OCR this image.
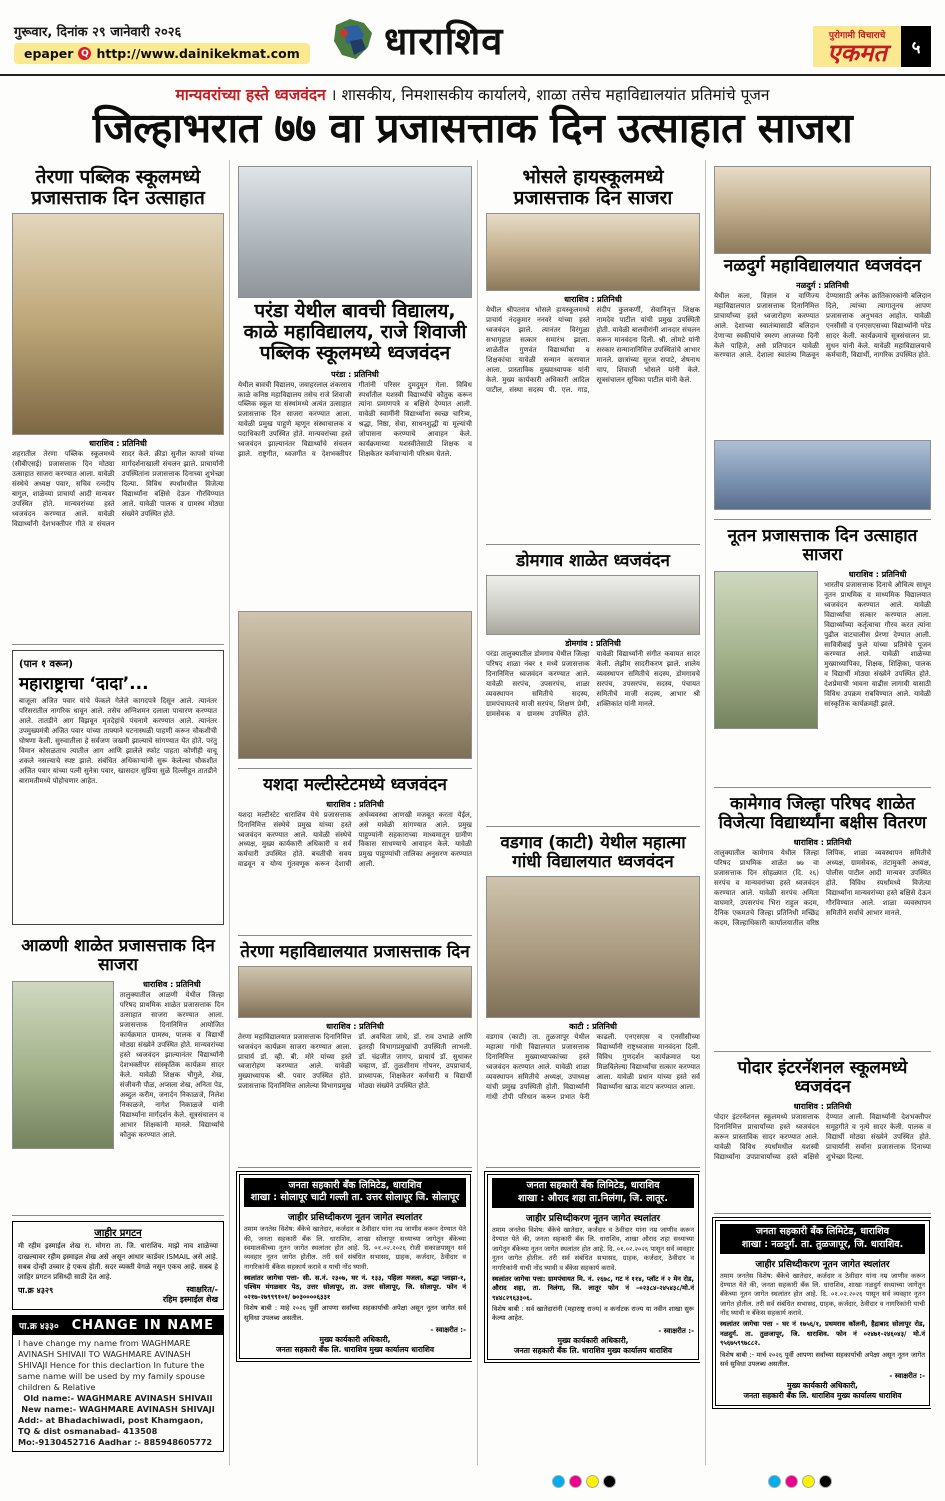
गुरूवार, दिनांक २९ जानेवारी २०२६
epaper Q http://www.dainikekmat.com धाराशिव	पुरोगामी विचाराचे
एकमत	५
मान्यवरांच्या हस्ते ध्वजवंदन । शासकीय, निमशासकीय कार्यालये, शाळा तसेच महाविद्यालयांत प्रतिमांचे पूजन
जिल्हाभरात ७७ वा प्रजासत्ताक दिन उत्साहात साजरा
तेरणा पब्लिक स्कूलमध्ये प्रजासत्ताक दिन उत्साहात
धाराशिव : प्रतिनिधी
शहरातील तेरणा पब्लिक स्कूलमध्ये (सीबीएसई) प्रजासत्ताक दिन मोठ्या उत्साहात साजरा करण्यात आला. यावेळी संस्थेचे अध्यक्ष पवार, सचिव रत्नदीप बागुल, शाळेच्या प्राचार्या आदी मान्यवर उपस्थित होते. मान्यवरांच्या हस्ते ध्वजवंदन करण्यात आले. यावेळी विद्यार्थ्यांनी देशभक्तीपर गीते व संचलन सादर केले. क्रीडा सुनील कापसे यांच्या मार्गदर्शनाखाली संचलन झाले. प्राचार्यांनी उपस्थितांना प्रजासत्ताक दिनाच्या शुभेच्छा दिल्या. विविध स्पर्धांमधील विजेत्या विद्यार्थ्यांना बक्षिसे देऊन गौरविण्यात आले. यावेळी पालक व ग्रामस्थ मोठ्या संख्येने उपस्थित होते.
(पान १ वरून)
महाराष्ट्राचा ‘दादा’...
बाजूला अजित पवार यांचे फेकले गेलेले कागदपत्रे दिसून आले. त्यानंतर परिसरातील नागरिक धावून आले. तसेच अग्निशमन दलाला पाचारण करण्यात आले. तातडीने आग विझवून मृतदेहांचे पंचनामे करण्यात आले. त्यानंतर उपमुख्यमंत्री अजित पवार यांच्या ताफ्याने घटनास्थळी पाहणी करून चौकशीची घोषणा केली. सुरुवातीला हे सर्वजण जखमी झाल्याचे सांगण्यात येत होते. परंतु विमान कोसळताच त्यातील आग आणि झालेले स्फोट पाहता कोणीही वाचू शकले नसल्याचे स्पष्ट झाले. संबंधित अधिकाऱ्यांनी सुरू केलेल्या चौकशीत अजित पवार यांच्या पत्नी सुनेत्रा पवार, खासदार सुप्रिया सुळे दिल्लीहून तातडीने बारामतीमध्ये पोहोचणार आहेत.
आळणी शाळेत प्रजासत्ताक दिन साजरा
धाराशिव : प्रतिनिधी
तालुक्यातील आळणी येथील जिल्हा परिषद प्राथमिक शाळेत प्रजासत्ताक दिन उत्साहात साजरा करण्यात आला. प्रजासत्ताक दिनानिमित्त आयोजित कार्यक्रमात ग्रामस्थ, पालक व विद्यार्थी मोठ्या संख्येने उपस्थित होते. मान्यवरांच्या हस्ते ध्वजवंदन झाल्यानंतर विद्यार्थ्यांनी देशभक्तीपर सांस्कृतिक कार्यक्रम सादर केले. यावेळी शिक्षक चौगुले, शेख, संजीवनी पौळ, अप्सला शेख, अनिता पेड, अब्दुल करीम, जनार्दन निकाळजे, निलेश निकाळजे, नागेश निकाळजे यांनी विद्यार्थ्यांना मार्गदर्शन केले. सूत्रसंचालन व आभार शिक्षकांनी मानले. विद्यार्थ्यांचे कौतुक करण्यात आले.
जाहीर प्रगटन
मी रहीम इस्माईल शेख रा. मोगरा ता. जि. धाराशिव. माझे नाव शाळेच्या दाखल्यावर रहीम इस्माइल शेख असे असून आधार कार्डवर ISMAIL असे आहे. सबब दोन्ही उच्चार हे एकच होती. सदर व्यक्ती वेगळे नसून एकच आहे. सबब हे जाहिर प्रगटन प्रसिध्दी साठी देत आहे.
पा.क्र ४३२९	स्वाक्षरित/-
रहिम इस्माईल शेख
पा.क्र ४३३० CHANGE IN NAME
I have change my name from WAGHMARE AVINASH SHIVAII TO WAGHMARE AVINASH SHIVAJI Hence for this declartion In future the same name will be used by my family spouse children & Relative
Old name:- WAGHMARE AVINASH SHIVAII
New name:- WAGHMARE AVINASH SHIVAJI
Add:- at Bhadachiwadi, post Khamgaon, TQ & dist osmanabad- 413508
Mo:-9130452716 Aadhar :- 885948605772
परंडा येथील बावची विद्यालय, काळे महाविद्यालय, राजे शिवाजी पब्लिक स्कूलमध्ये ध्वजवंदन
परंडा : प्रतिनिधी
येथील बावची विद्यालय, जवाहरलाल शंकरराव काळे कनिष्ठ महाविद्यालय तसेच राजे शिवाजी पब्लिक स्कूल या संस्थांमध्ये अत्यंत उत्साहात प्रजासत्ताक दिन साजरा करण्यात आला. यावेळी प्रमुख पाहुणे म्हणून संस्थाचालक व पदाधिकारी उपस्थित होते. मान्यवरांच्या हस्ते ध्वजवंदन झाल्यानंतर विद्यार्थ्यांचे संचलन झाले. राष्ट्रगीत, ध्वजगीत व देशभक्तीपर गीतांनी परिसर दुमदुमून गेला. विविध स्पर्धांतील यशस्वी विद्यार्थ्यांचे कौतुक करून त्यांना प्रमाणपत्रे व बक्षिसे देण्यात आली. यावेळी स्वामींनी विद्यार्थ्यांना स्वच्छ चारित्र्य, श्रद्धा, निष्ठा, सेवा, साधनशुद्धी या मूल्यांची जोपासना करण्याचे आवाहन केले. कार्यक्रमाच्या यशस्वीतेसाठी शिक्षक व शिक्षकेतर कर्मचाऱ्यांनी परिश्रम घेतले.
यशदा मल्टीस्टेटमध्ये ध्वजवंदन
धाराशिव : प्रतिनिधी
यशदा मल्टीस्टेट धाराशिव येथे प्रजासत्ताक दिनानिमित्त संस्थेचे प्रमुख यांच्या हस्ते ध्वजवंदन करण्यात आले. यावेळी संस्थेचे अध्यक्ष, मुख्य कार्यकारी अधिकारी व सर्व कर्मचारी उपस्थित होते. बचतीची सवय वाढवून व योग्य गुंतवणूक करून देशाची अर्थव्यवस्था आणखी मजबूत करता येईल, असे यावेळी सांगण्यात आले. प्रमुख पाहुण्यांनी सहकाराच्या माध्यमातून ग्रामीण विकास साधण्याचे आवाहन केले. यावेळी प्रमुख पाहुण्यांची तालिका अनुसरण करण्यात आली.
तेरणा महाविद्यालयात प्रजासत्ताक दिन
धाराशिव : प्रतिनिधी
तेरणा महाविद्यालयात प्रजासत्ताक दिनानिमित्त ध्वजवंदन कार्यक्रम साजरा करण्यात आला. प्राचार्य डॉ. व्ही. बी. मोरे यांच्या हस्ते ध्वजारोहण करण्यात आले. यावेळी मुख्याध्यापक श्री. पवार उपस्थित होते. प्रजासत्ताक दिनानिमित्त आलेल्या विभागप्रमुख डॉ. अवचिता जाधे, डॉ. राव उभाळे आणि इतरही विभागप्रमुखांची उपस्थिती लाभली. डॉ. चंद्रजीत जागप, प्राचार्य डॉ. सुधाकर चव्हाण, डॉ. तुळशीराम गोपनर, उपप्राचार्य, प्राध्यापक, शिक्षकेतर कर्मचारी व विद्यार्थी मोठ्या संख्येने उपस्थित होते.
जनता सहकारी बँक लिमिटेड, धाराशिव
शाखा : सोलापूर चाटी गल्ली ता. उत्तर सोलापूर जि. सोलापूर
जाहीर प्रसिध्दीकरण नूतन जागेत स्थलांतर
तमाम जनतेस विशेष: बँकेचे खातेदार, कर्जदार व ठेवीदार यांना नम्र जाणीव करून देण्यात येते की, जनता सहकारी बँक लि. धाराशिव, शाखा सोलापूर सध्याच्या जागेतून बँकेच्या स्वमालकीच्या नूतन जागेत स्थलांतर होत आहे. दि. ०१.०२.२०२६ रोजी सकाळपासून सर्व व्यवहार नूतन जागेत होतील. तरी सर्व संबंधित सभासद, ग्राहक, कर्जदार, ठेवीदार व नागरिकांनी बँकेस सहकार्य करावे व याची नोंद घ्यावी.
स्थलांतर जागेचा पत्ता- सी. स.नं. २३०७, घर नं. १३३, पहिला मजला, श्रद्धा प्लाझा-१, पश्चिम मंगळवार पेठ, उत्तर सोलापूर, ता. उत्तर सोलापूर, जि. सोलापूर. फोन नं ०२१७-२७९९९१०१/ ७०३००००६३३१
विशेष बाबी : माहे २०२६ पूर्वी आपणा सर्वांच्या सहकार्याची अपेक्षा असून नूतन जागेत सर्व सुविधा उपलब्ध असतील.
- स्वाक्षरीत :-
मुख्य कार्यकारी अधिकारी,
जनता सहकारी बँक लि. धाराशिव मुख्य कार्यालय धाराशिव
भोसले हायस्कूलमध्ये प्रजासत्ताक दिन साजरा
धाराशिव : प्रतिनिधी
येथील श्रीपतराव भोसले हायस्कूलमध्ये प्राचार्य नंदकुमार ननवरे यांच्या हस्ते ध्वजवंदन झाले. त्यानंतर विरंगुळा सभागृहात सत्कार समारंभ झाला. शाळेतील गुणवंत विद्यार्थ्यांचा व शिक्षकांचा यावेळी सन्मान करण्यात आला. प्रास्ताविक मुख्याध्यापक यांनी केले. मुख्य कार्यकारी अधिकारी आदिल पाटील, संस्था सदस्य पी. एल. गाड, संदीप कुलकर्णी, सेवानिवृत्त शिक्षक नामदेव पाटील यांची प्रमुख उपस्थिती होती. यावेळी बालवीरांनी शानदार संचलन करून मानवंदना दिली. श्री. लोमटे यांनी सरकार सन्मानानिमित्त उपस्थितांचे आभार मानले. छात्रांच्या सूरज सपाटे, शेषनाथ चाप, शिवाजी भोसले यांनी केले. सूत्रसंचालन सूचिका पाटील यांनी केले.
डोमगाव शाळेत ध्वजवंदन
डोमगांव : प्रतिनिधी
परंडा तालुक्यातील डोमगाव येथील जिल्हा परिषद शाळा नंबर १ मध्ये प्रजासत्ताक दिनानिमित्त ध्वजवंदन करण्यात आले. यावेळी सरपंच, उपसरपंच, शाळा व्यवस्थापन समितीचे सदस्य, ग्रामपंचायतचे माजी सरपंच, शिक्षण प्रेमी, ग्रामसेवक व ग्रामस्थ उपस्थित होते. यावेळी विद्यार्थ्यांनी संगीत कवायत सादर केली. लेझीम सादरीकरण झाले. शालेय व्यवस्थापन समितीचे सदस्य, डोमगावचे सरपंच, उपसरपंच, सदस्य, पंचायत समितीचे माजी सदस्य, आभार श्री शक्तिकांत यांनी मानले.
वडगाव (काटी) येथील महात्मा गांधी विद्यालयात ध्वजवंदन
काटी : प्रतिनिधी
वडगाव (काटी) ता. तुळजापूर येथील महात्मा गांधी विद्यालयात प्रजासत्ताक दिनानिमित्त मुख्याध्यापकांच्या हस्ते ध्वजवंदन करण्यात आले. यावेळी शाळा व्यवस्थापन समितीचे अध्यक्ष, उपाध्यक्ष यांची प्रमुख उपस्थिती होती. विद्यार्थ्यांनी गांधी टोपी परिधान करून प्रभात फेरी काढली. एनएसएस व एनसीसीच्या विद्यार्थ्यांनी राष्ट्रध्वजास मानवंदना दिली. विविध गुणदर्शन कार्यक्रमात यश मिळविलेल्या विद्यार्थ्यांचा सत्कार करण्यात आला. यावेळी प्रधान यांच्या हस्ते सर्व विद्यार्थ्यांना खाऊ वाटप करण्यात आला.
जनता सहकारी बँक लिमिटेड, धाराशिव
शाखा : औराद शहा ता.निलंगा, जि. लातूर.
जाहीर प्रसिध्दीकरण नूतन जागेत स्थलांतर
तमाम जनतेस विशेष: बँकेचे खातेदार, कर्जदार व ठेवीदार यांना नम्र जाणीव करून देण्यात येते की, जनता सहकारी बँक लि. धाराशिव, शाखा औराद शहा सध्याच्या जागेतून बँकेच्या नूतन जागेत स्थलांतर होत आहे. दि. ०१.०२.२०२६ पासून सर्व व्यवहार नूतन जागेत होतील. तरी सर्व संबंधित सभासद, ग्राहक, कर्जदार, ठेवीदार व नागरिकांनी याची नोंद घ्यावी व बँकेस सहकार्य करावे.
स्थलांतर जागेचा पत्ता: ग्रामपंचायत मि. नं. २६७८, गट नं ११४, प्लॉट नं २ मेन रोड, औराद शहा, ता. निलंगा, जि. लातूर फोन नं –०२३८४-२४५४३८/मो.नं ९४४८२९६३३०६.
विशेष बाबी : सर्व खातेदारांनी (महाराष्ट्र राज्य) व कर्नाटक राज्य या नवीन शाखा सुरू केल्या आहेत.
- स्वाक्षरीत :-
मुख्य कार्यकारी अधिकारी,
जनता सहकारी बँक लि. धाराशिव मुख्य कार्यालय धाराशिव
नळदुर्ग महाविद्यालयात ध्वजवंदन
नळदुर्ग : प्रतिनिधी
येथील कला, विज्ञान व वाणिज्य महाविद्यालयात प्रजासत्ताक दिनानिमित्त प्राचार्यांच्या हस्ते ध्वजारोहण करण्यात आले. देशाच्या स्वातंत्र्यासाठी बलिदान देणाऱ्या स्वकीयांचे स्मरण आजच्या दिनी केले पाहिजे, असे प्रतिपादन यावेळी करण्यात आले. देशाला स्वातंत्र्य मिळवून देण्यासाठी अनेक क्रांतिकारकांनी बलिदान दिले, त्यांच्या त्यागातूनच आपण प्रजासत्ताक अनुभवत आहोत. यावेळी एनसीसी व एनएसएसच्या विद्यार्थ्यांनी परेड सादर केली. कार्यक्रमाचे सूत्रसंचालन प्रा. सुधन यांनी केले. यावेळी महाविद्यालयाचे कर्मचारी, विद्यार्थी, नागरिक उपस्थित होते.
नूतन प्रजासत्ताक दिन उत्साहात साजरा
धाराशिव : प्रतिनिधी
भारतीय प्रजासत्ताक दिनाचे औचित्य साधून नूतन प्राथमिक व माध्यमिक विद्यालयात ध्वजवंदन करण्यात आले. यावेळी विद्यार्थ्यांचा सत्कार करण्यात आला. विद्यार्थ्यांच्या कर्तृत्वाचा गौरव करत त्यांना पुढील वाटचालीस प्रेरणा देण्यात आली. सावित्रीबाई फुले यांच्या प्रतिमेचे पूजन करण्यात आले. यावेळी शाळेच्या मुख्याध्यापिका, शिक्षक, शिक्षिका, पालक व विद्यार्थी मोठ्या संख्येने उपस्थित होते. देशप्रेमाची भावना वाढीस लागावी यासाठी विविध उपक्रम राबविण्यात आले. यावेळी सांस्कृतिक कार्यक्रमही झाले.
कामेगाव जिल्हा परिषद शाळेत विजेत्या विद्यार्थ्यांना बक्षीस वितरण
धाराशिव : प्रतिनिधी
तालुक्यातील कामेगाव येथील जिल्हा परिषद प्राथमिक शाळेत ७७ वा प्रजासत्ताक दिन सोहळ्यात (दि. २६) सरपंच व मान्यवरांच्या हस्ते ध्वजवंदन करण्यात आले. यावेळी सरपंच अमिता वाघमारे, उपसरपंच भिरा राहुल कदम, दैनिक एकमतचे जिल्हा प्रतिनिधी मच्छिंद्र कदम, जिल्हाधिकारी कार्यालयातील वरिष्ठ लिपिक, शाळा व्यवस्थापन समितीचे अध्यक्ष, ग्रामसेवक, तंटामुक्ती अध्यक्ष, पोलीस पाटील आदी मान्यवर उपस्थित होते. विविध स्पर्धांमध्ये विजेत्या विद्यार्थ्यांना मान्यवरांच्या हस्ते बक्षिसे देऊन गौरविण्यात आले. शाळा व्यवस्थापन समितीने सर्वांचे आभार मानले.
पोदार इंटरनॅशनल स्कूलमध्ये ध्वजवंदन
धाराशिव : प्रतिनिधी
पोदार इंटरनॅशनल स्कूलमध्ये प्रजासत्ताक दिनानिमित्त प्राचार्यांच्या हस्ते ध्वजवंदन करून प्रास्ताविक सादर करण्यात आले. यावेळी विविध स्पर्धांमधील यशस्वी विद्यार्थ्यांना उपप्राचार्यांच्या हस्ते बक्षिसे देण्यात आली. विद्यार्थ्यांनी देशभक्तीपर समूहगीते व नृत्ये सादर केली. पालक व विद्यार्थी मोठ्या संख्येने उपस्थित होते. प्राचार्यांनी सर्वांना प्रजासत्ताक दिनाच्या शुभेच्छा दिल्या.
जनता सहकारी बँक लिमिटेड, धाराशिव
शाखा : नळदुर्ग. ता. तुळजापूर, जि. धाराशिव.
जाहीर प्रसिध्दीकरण नूतन जागेत स्थलांतर
तमाम जनतेस विशेष: बँकेचे खातेदार, कर्जदार व ठेवीदार यांना नम्र जाणीव करून देण्यात येते की, जनता सहकारी बँक लि. धाराशिव, शाखा नळदुर्ग सध्याच्या जागेतून बँकेच्या नूतन जागेत स्थलांतर होत आहे. दि. ०१.०२.२०२६ पासून सर्व व्यवहार नूतन जागेत होतील. तरी सर्व संबंधित सभासद, ग्राहक, कर्जदार, ठेवीदार व नागरिकांनी याची नोंद घ्यावी व बँकेस सहकार्य करावे.
स्थलांतर जागेचा पत्ता - घर नं १७५६/१, प्रथमराव कॉलनी, हैद्राबाद सोलापूर रोड, नळदुर्ग. ता. तुळजापूर, जि. धाराशिव. फोन नं ०२४७१-२४६०४३/ मो.नं ९५६७५९९७८८२.
विशेष बाबी :- मार्च २०२६ पूर्वी आपणा सर्वांच्या सहकार्याची अपेक्षा असून नूतन जागेत सर्व सुविधा उपलब्ध असतील.
- स्वाक्षरीत :-
मुख्य कार्यकारी अधिकारी,
जनता सहकारी बँक लि. धाराशिव मुख्य कार्यालय धाराशिव
